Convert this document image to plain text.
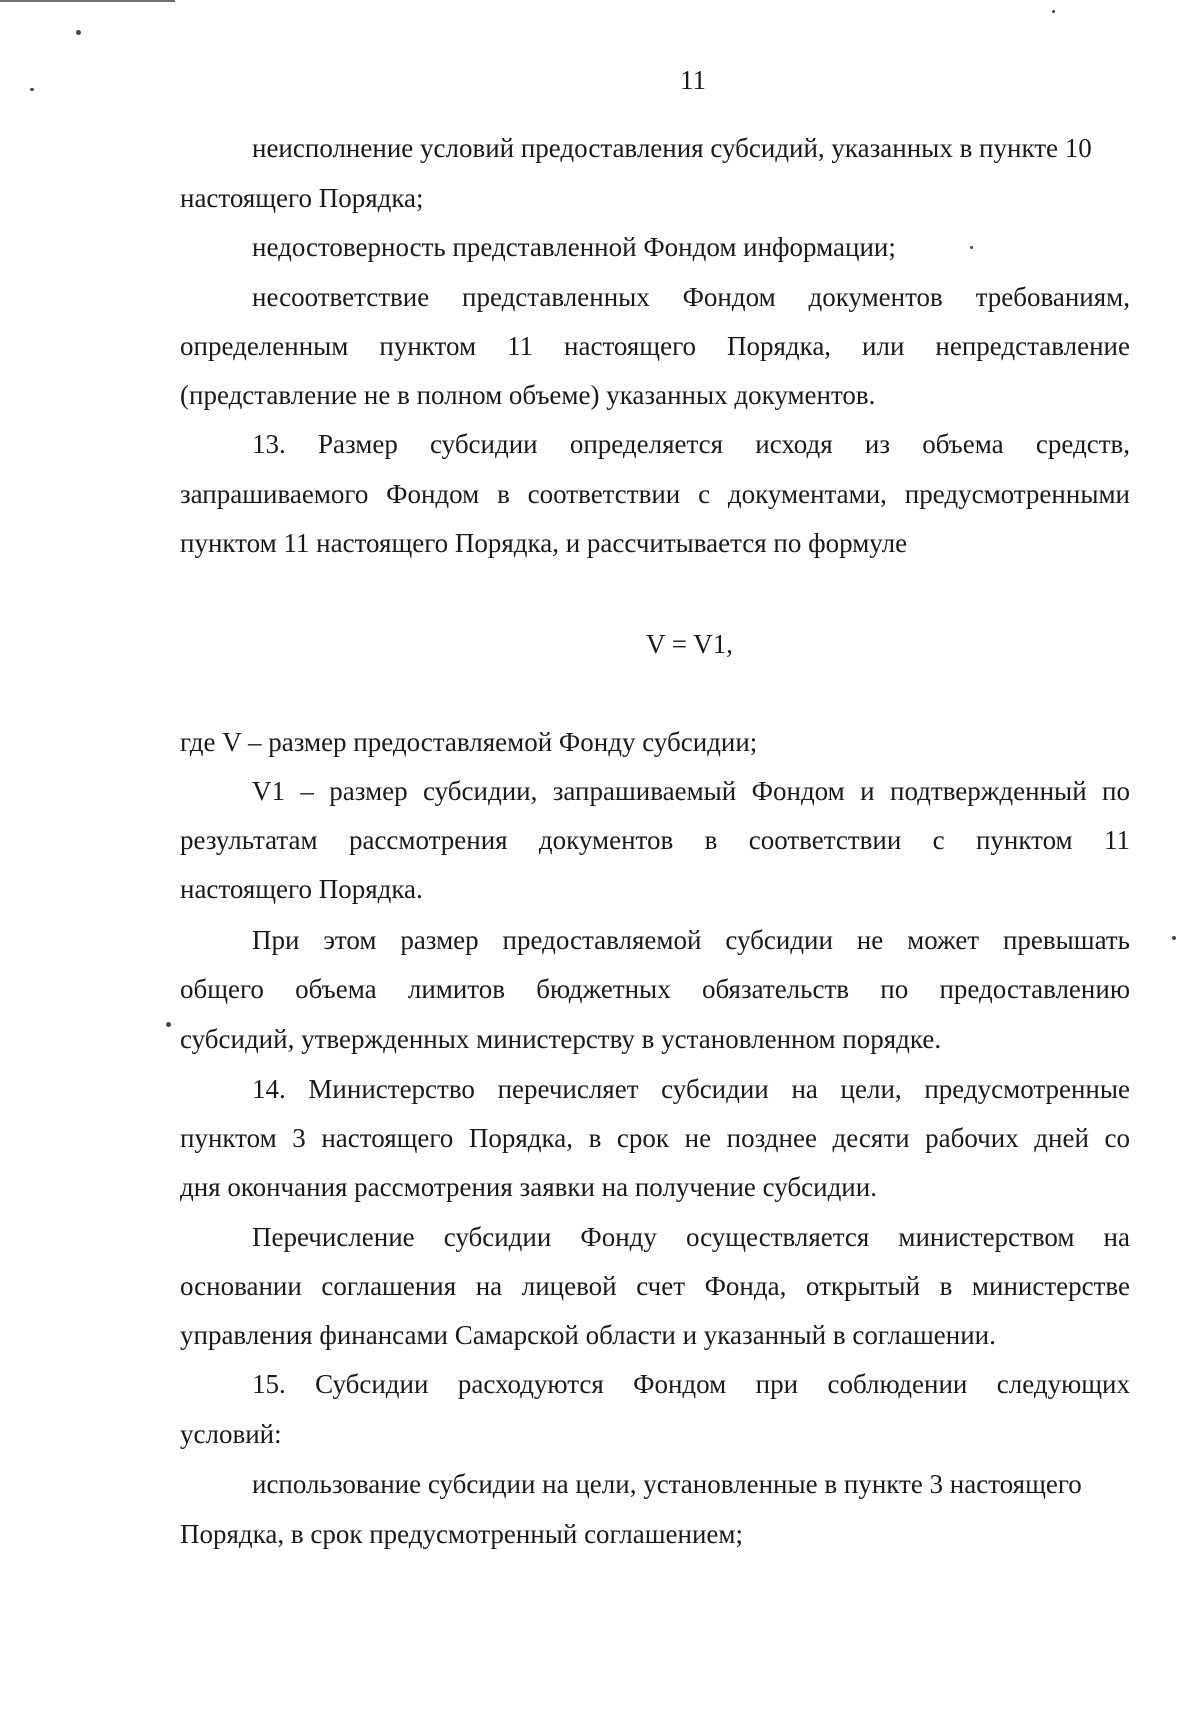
11

неисполнение условий предоставления субсидий, указанных в пункте 10

настоящего Порядка;

недостоверность представленной Фондом информации;

несоответствие представленных Фондом документов требованиям,

определенным пунктом 11 настоящего Порядка, или непредставление

(представление не в полном объеме) указанных документов.

13. Размер субсидии определяется исходя из объема средств,

запрашиваемого Фондом в соответствии с документами, предусмотренными

пунктом 11 настоящего Порядка, и рассчитывается по формуле

V = V1,

где V – размер предоставляемой Фонду субсидии;

V1 – размер субсидии, запрашиваемый Фондом и подтвержденный по

результатам рассмотрения документов в соответствии с пунктом 11

настоящего Порядка.

При этом размер предоставляемой субсидии не может превышать

общего объема лимитов бюджетных обязательств по предоставлению

субсидий, утвержденных министерству в установленном порядке.

14. Министерство перечисляет субсидии на цели, предусмотренные

пунктом 3 настоящего Порядка, в срок не позднее десяти рабочих дней со

дня окончания рассмотрения заявки на получение субсидии.

Перечисление субсидии Фонду осуществляется министерством на

основании соглашения на лицевой счет Фонда, открытый в министерстве

управления финансами Самарской области и указанный в соглашении.

15. Субсидии расходуются Фондом при соблюдении следующих

условий:

использование субсидии на цели, установленные в пункте 3 настоящего

Порядка, в срок предусмотренный соглашением;
